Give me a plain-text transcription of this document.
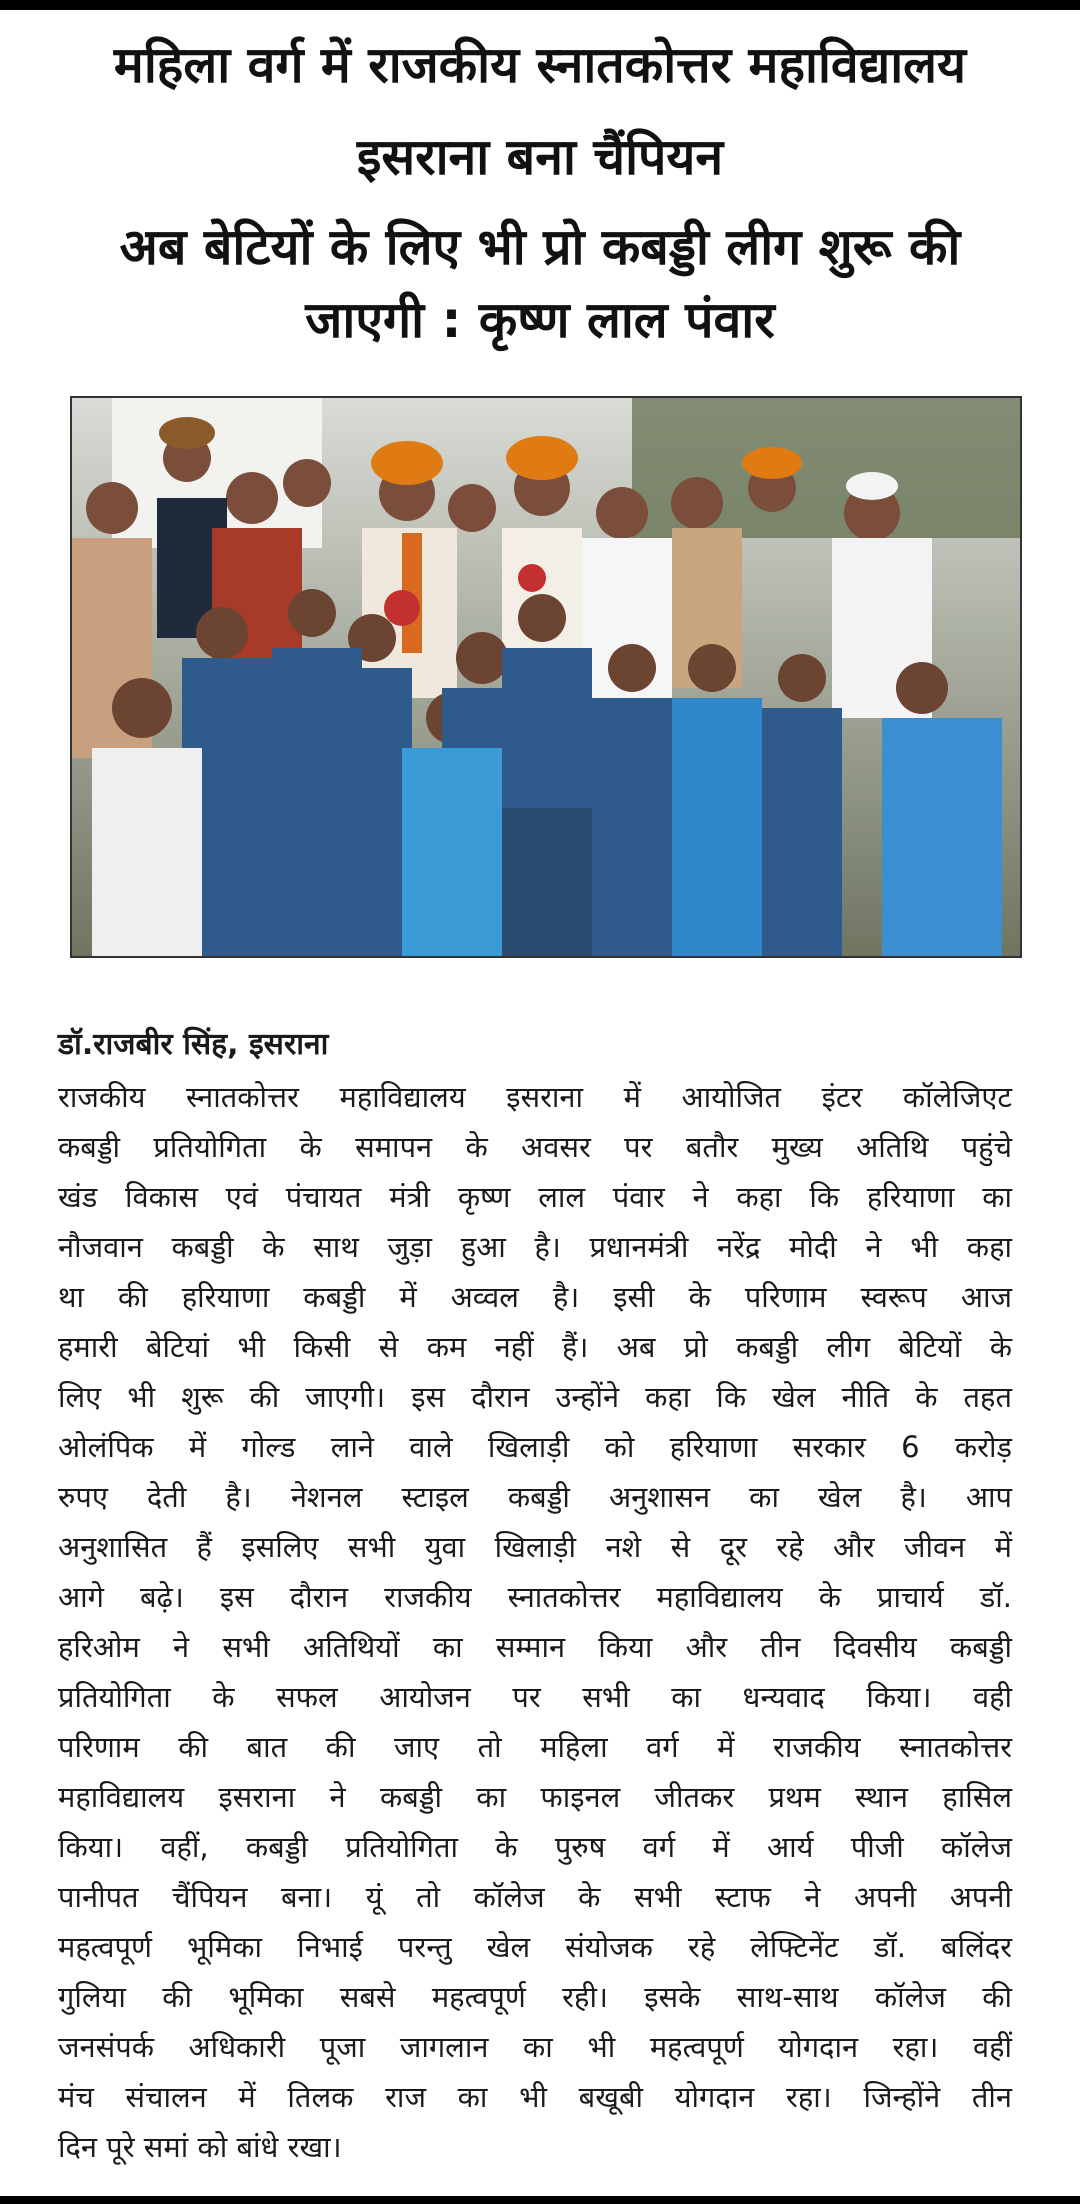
महिला वर्ग में राजकीय स्नातकोत्तर महाविद्यालय
इसराना बना चैंपियन
अब बेटियों के लिए भी प्रो कबड्डी लीग शुरू की
जाएगी : कृष्ण लाल पंवार
डॉ.राजबीर सिंह, इसराना
राजकीय स्नातकोत्तर महाविद्यालय इसराना में आयोजित इंटर कॉलेजिएट
कबड्डी प्रतियोगिता के समापन के अवसर पर बतौर मुख्य अतिथि पहुंचे
खंड विकास एवं पंचायत मंत्री कृष्ण लाल पंवार ने कहा कि हरियाणा का
नौजवान कबड्डी के साथ जुड़ा हुआ है। प्रधानमंत्री नरेंद्र मोदी ने भी कहा
था की हरियाणा कबड्डी में अव्वल है। इसी के परिणाम स्वरूप आज
हमारी बेटियां भी किसी से कम नहीं हैं। अब प्रो कबड्डी लीग बेटियों के
लिए भी शुरू की जाएगी। इस दौरान उन्होंने कहा कि खेल नीति के तहत
ओलंपिक में गोल्ड लाने वाले खिलाड़ी को हरियाणा सरकार 6 करोड़
रुपए देती है। नेशनल स्टाइल कबड्डी अनुशासन का खेल है। आप
अनुशासित हैं इसलिए सभी युवा खिलाड़ी नशे से दूर रहे और जीवन में
आगे बढ़े। इस दौरान राजकीय स्नातकोत्तर महाविद्यालय के प्राचार्य डॉ.
हरिओम ने सभी अतिथियों का सम्मान किया और तीन दिवसीय कबड्डी
प्रतियोगिता के सफल आयोजन पर सभी का धन्यवाद किया। वही
परिणाम की बात की जाए तो महिला वर्ग में राजकीय स्नातकोत्तर
महाविद्यालय इसराना ने कबड्डी का फाइनल जीतकर प्रथम स्थान हासिल
किया। वहीं, कबड्डी प्रतियोगिता के पुरुष वर्ग में आर्य पीजी कॉलेज
पानीपत चैंपियन बना। यूं तो कॉलेज के सभी स्टाफ ने अपनी अपनी
महत्वपूर्ण भूमिका निभाई परन्तु खेल संयोजक रहे लेफ्टिनेंट डॉ. बलिंदर
गुलिया की भूमिका सबसे महत्वपूर्ण रही। इसके साथ-साथ कॉलेज की
जनसंपर्क अधिकारी पूजा जागलान का भी महत्वपूर्ण योगदान रहा। वहीं
मंच संचालन में तिलक राज का भी बखूबी योगदान रहा। जिन्होंने तीन
दिन पूरे समां को बांधे रखा।
